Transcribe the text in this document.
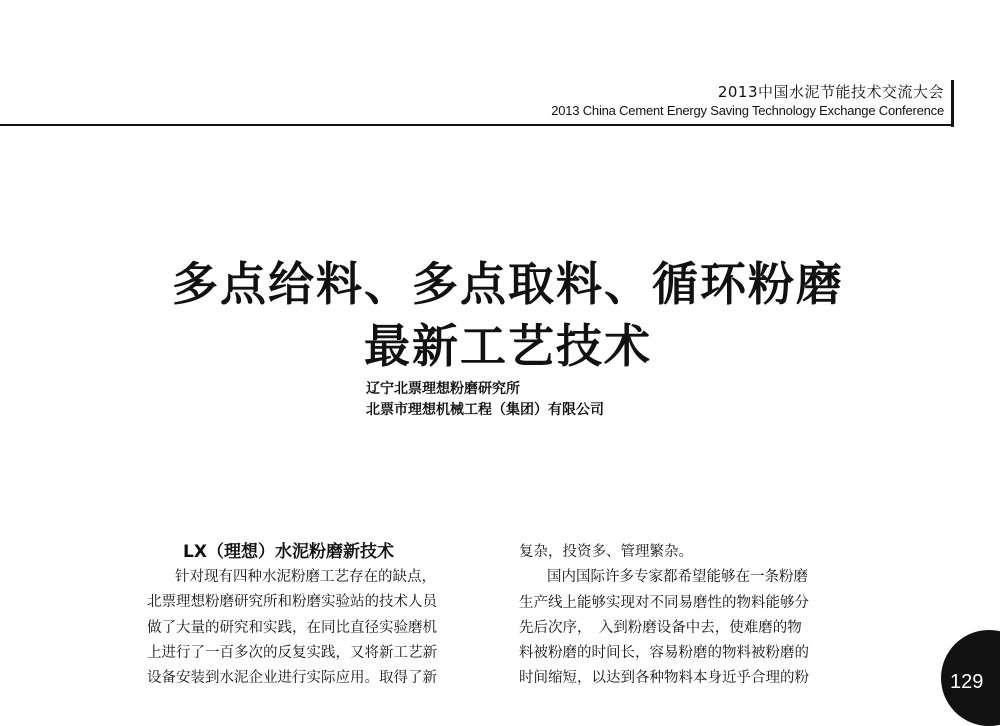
2013中国水泥节能技术交流大会
2013 China Cement Energy Saving Technology Exchange Conference
多点给料、多点取料、循环粉磨
最新工艺技术
辽宁北票理想粉磨研究所
北票市理想机械工程（集团）有限公司

LX（理想）水泥粉磨新技术

针对现有四种水泥粉磨工艺存在的缺点，

北票理想粉磨研究所和粉磨实验站的技术人员

做了大量的研究和实践，在同比直径实验磨机

上进行了一百多次的反复实践，又将新工艺新

设备安装到水泥企业进行实际应用。取得了新

复杂，投资多、管理繁杂。

国内国际许多专家都希望能够在一条粉磨

生产线上能够实现对不同易磨性的物料能够分

先后次序，　入到粉磨设备中去，使难磨的物

料被粉磨的时间长，容易粉磨的物料被粉磨的

时间缩短，以达到各种物料本身近乎合理的粉	129
